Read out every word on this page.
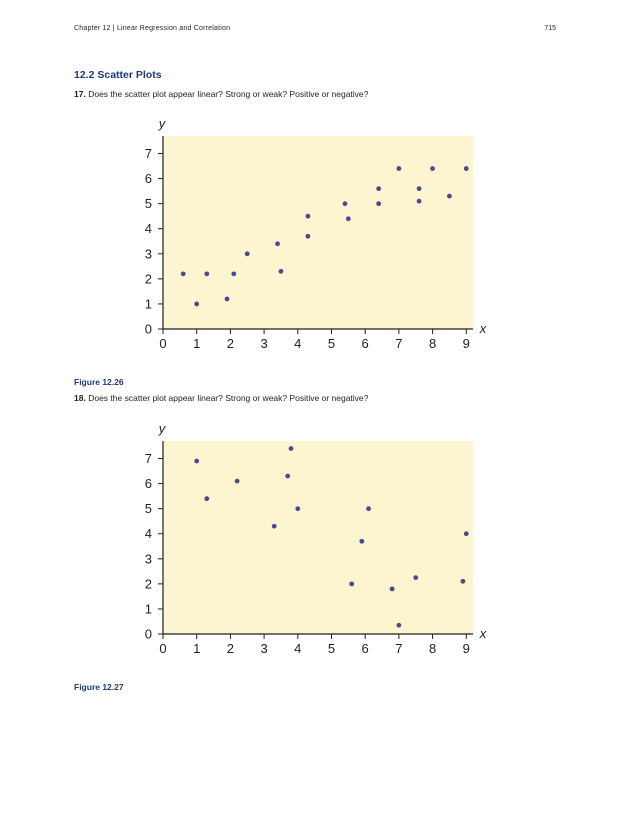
Chapter 12 | Linear Regression and Correlation	715
12.2 Scatter Plots
17. Does the scatter plot appear linear? Strong or weak? Positive or negative?
0 1 2 3 4 5 6 7 8 9
0
1
2
3
4
5
6
7
y
x
Figure 12.26
18. Does the scatter plot appear linear? Strong or weak? Positive or negative?
0 1 2 3 4 5 6 7 8 9
0
1
2
3
4
5
6
7
y
x
Figure 12.27
